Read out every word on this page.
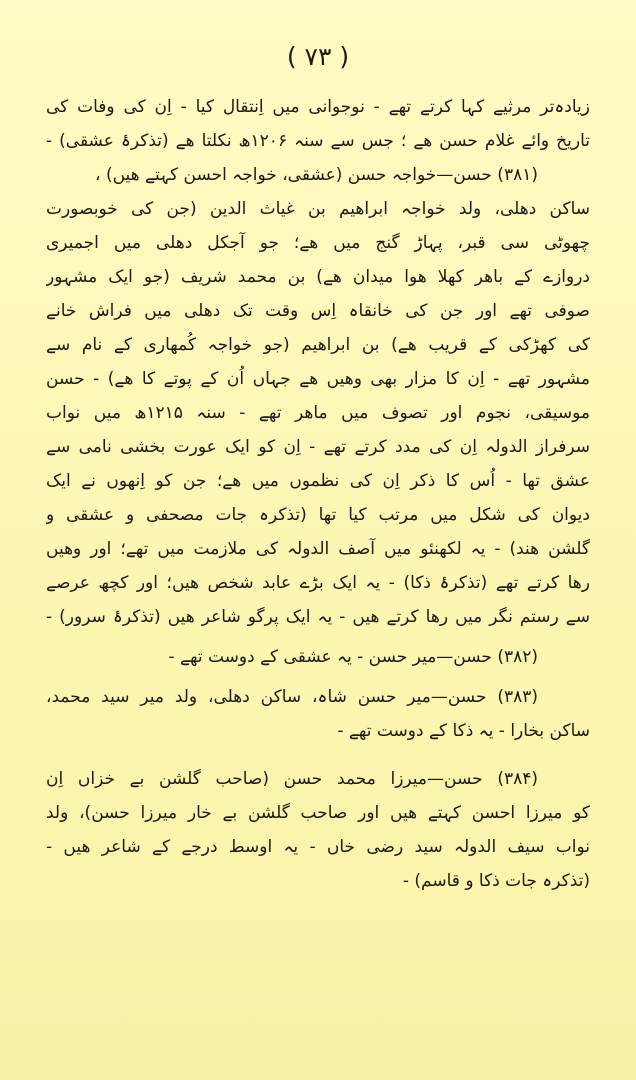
( ۷۳ )
زیادہ‌تر مرثیے کہا کرتے تھے - نوجوانی میں اِنتقال کیا - اِن کی وفات کی
تاریخ وائے غلام حسن ھے ؛ جس سے سنہ ۱۲۰۶ھ نکلتا ھے (تذکرۂ عشقی) -
(۳۸۱) حسن—خواجہ حسن (عشقی، خواجہ احسن کہتے ھیں) ،
ساکن دھلی، ولد خواجہ ابراھیم بن غیاث الدین (جن کی خوبصورت
چھوٹی سی قبر، پہاڑ گنج میں ھے؛ جو آجکل دھلی میں اجمیری
دروازے کے باھر کھلا ھوا میدان ھے) بن محمد شریف (جو ایک مشہور
صوفی تھے اور جن کی خانقاہ اِس وقت تک دھلی میں فراش خانے
کی کھڑکی کے قریب ھے) بن ابراھیم (جو خواجہ کُمھاری کے نام سے
مشہور تھے - اِن کا مزار بھی وھیں ھے جہاں اُن کے پوتے کا ھے) - حسن
موسیقی، نجوم اور تصوف میں ماھر تھے - سنہ ۱۲۱۵ھ میں نواب
سرفراز الدولہ اِن کی مدد کرتے تھے - اِن کو ایک عورت بخشی نامی سے
عشق تھا - اُس کا ذکر اِن کی نظموں میں ھے؛ جن کو اِنھوں نے ایک
دیوان کی شکل میں مرتب کیا تھا (تذکرہ جات مصحفی و عشقی و
گلشن ھند) - یہ لکھنئو میں آصف الدولہ کی ملازمت میں تھے؛ اور وھیں
رھا کرتے تھے (تذکرۂ ذکا) - یہ ایک بڑے عابد شخص ھیں؛ اور کچھ عرصے
سے رستم نگر میں رھا کرتے ھیں - یہ ایک پرگو شاعر ھیں (تذکرۂ سرور) -
(۳۸۲) حسن—میر حسن - یہ عشقی کے دوست تھے -
(۳۸۳) حسن—میر حسن شاہ، ساکن دھلی، ولد میر سید محمد،
ساکن بخارا - یہ ذکا کے دوست تھے -
(۳۸۴) حسن—میرزا محمد حسن (صاحب گلشن بے خزاں اِن
کو میرزا احسن کہتے ھیں اور صاحب گلشن بے خار میرزا حسن)، ولد
نواب سیف الدولہ سید رضی خاں - یہ اوسط درجے کے شاعر ھیں -
(تذکرہ جات ذکا و قاسم) -
